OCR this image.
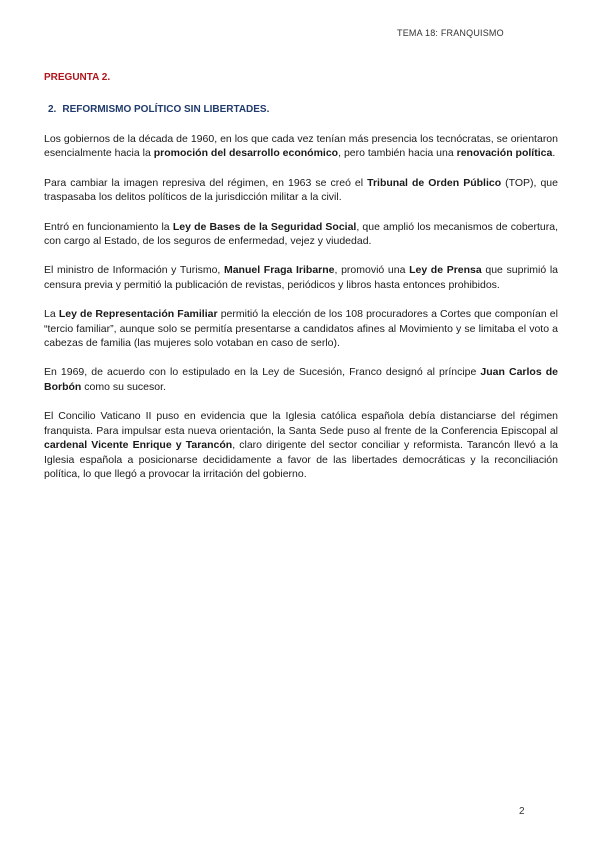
TEMA 18: FRANQUISMO
PREGUNTA 2.
2. REFORMISMO POLÍTICO SIN LIBERTADES.

Los gobiernos de la década de 1960, en los que cada vez tenían más presencia los tecnócratas, se orientaron esencialmente hacia la promoción del desarrollo económico, pero también hacia una renovación política.

Para cambiar la imagen represiva del régimen, en 1963 se creó el Tribunal de Orden Público (TOP), que traspasaba los delitos políticos de la jurisdicción militar a la civil.

Entró en funcionamiento la Ley de Bases de la Seguridad Social, que amplió los mecanismos de cobertura, con cargo al Estado, de los seguros de enfermedad, vejez y viudedad.

El ministro de Información y Turismo, Manuel Fraga Iribarne, promovió una Ley de Prensa que suprimió la censura previa y permitió la publicación de revistas, periódicos y libros hasta entonces prohibidos.

La Ley de Representación Familiar permitió la elección de los 108 procuradores a Cortes que componían el “tercio familiar”, aunque solo se permitía presentarse a candidatos afines al Movimiento y se limitaba el voto a cabezas de familia (las mujeres solo votaban en caso de serlo).

En 1969, de acuerdo con lo estipulado en la Ley de Sucesión, Franco designó al príncipe Juan Carlos de Borbón como su sucesor.

El Concilio Vaticano II puso en evidencia que la Iglesia católica española debía distanciarse del régimen franquista. Para impulsar esta nueva orientación, la Santa Sede puso al frente de la Conferencia Episcopal al cardenal Vicente Enrique y Tarancón, claro dirigente del sector conciliar y reformista. Tarancón llevó a la Iglesia española a posicionarse decididamente a favor de las libertades democráticas y la reconciliación política, lo que llegó a provocar la irritación del gobierno.

2
